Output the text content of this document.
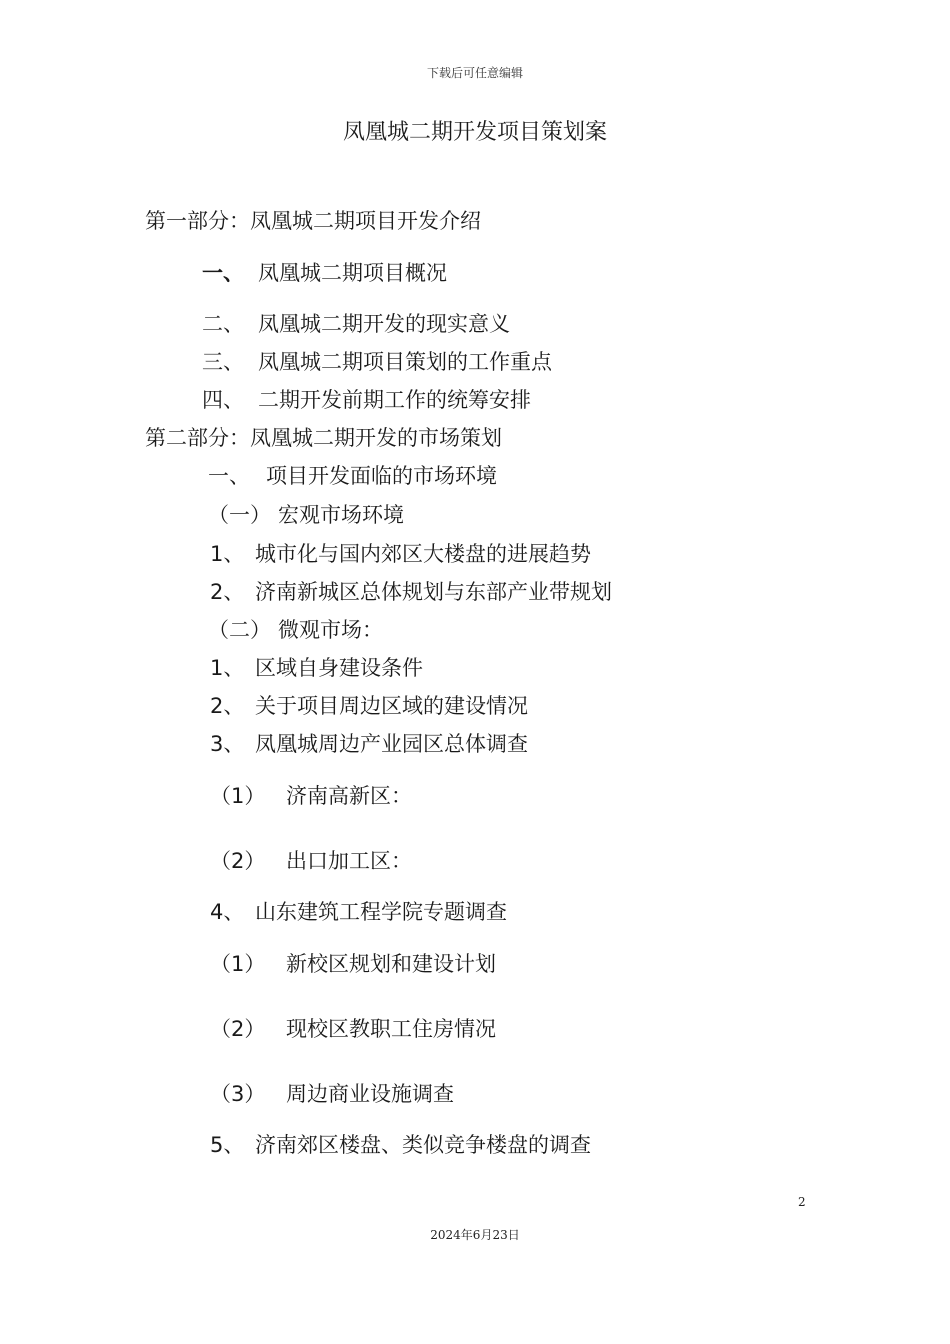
下载后可任意编辑
凤凰城二期开发项目策划案
第一部分：凤凰城二期项目开发介绍
一、 凤凰城二期项目概况
二、 凤凰城二期开发的现实意义
三、 凤凰城二期项目策划的工作重点
四、 二期开发前期工作的统筹安排
第二部分：凤凰城二期开发的市场策划
一、 项目开发面临的市场环境
（一） 宏观市场环境
1、 城市化与国内郊区大楼盘的进展趋势
2、 济南新城区总体规划与东部产业带规划
（二） 微观市场：
1、 区域自身建设条件
2、 关于项目周边区域的建设情况
3、 凤凰城周边产业园区总体调查
（1） 济南高新区：
（2） 出口加工区：
4、 山东建筑工程学院专题调查
（1） 新校区规划和建设计划
（2） 现校区教职工住房情况
（3） 周边商业设施调查
5、 济南郊区楼盘、类似竞争楼盘的调查
2
2024年6月23日
